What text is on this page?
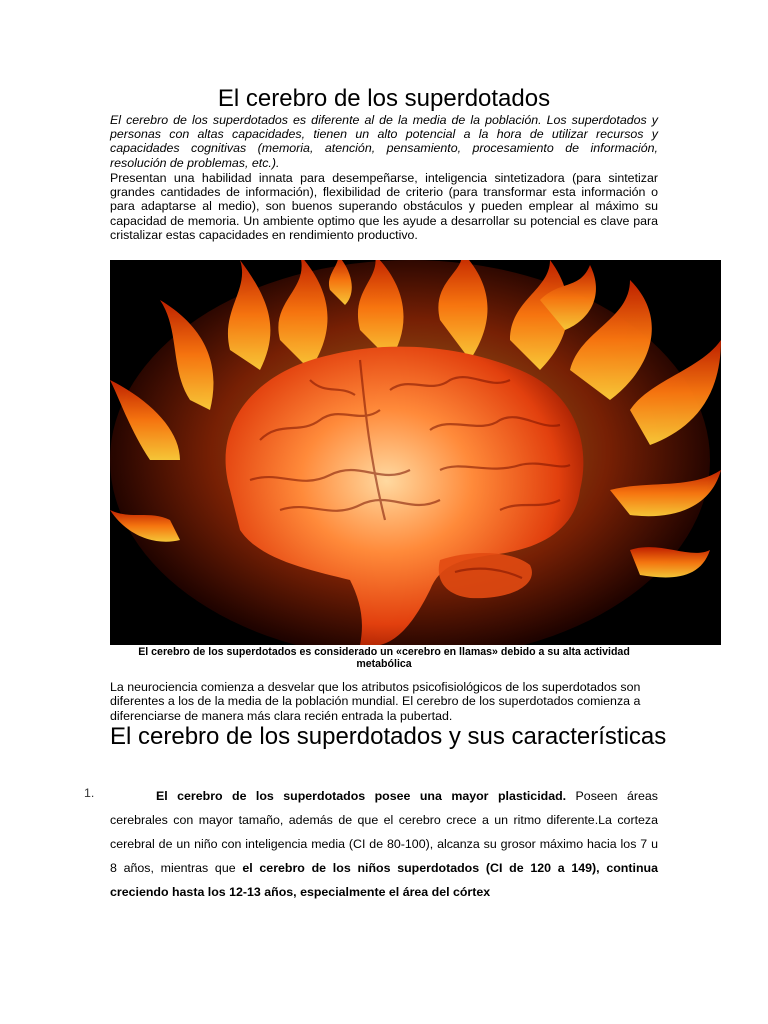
El cerebro de los superdotados

El cerebro de los superdotados es diferente al de la media de la población. Los superdotados y personas con altas capacidades, tienen un alto potencial a la hora de utilizar recursos y capacidades cognitivas (memoria, atención, pensamiento, procesamiento de información, resolución de problemas, etc.).

Presentan una habilidad innata para desempeñarse, inteligencia sintetizadora (para sintetizar grandes cantidades de información), flexibilidad de criterio (para transformar esta información o para adaptarse al medio), son buenos superando obstáculos y pueden emplear al máximo su capacidad de memoria. Un ambiente optimo que les ayude a desarrollar su potencial es clave para cristalizar estas capacidades en rendimiento productivo.

El cerebro de los superdotados es considerado un «cerebro en llamas» debido a su alta actividad metabólica

La neurociencia comienza a desvelar que los atributos psicofisiológicos de los superdotados son diferentes a los de la media de la población mundial. El cerebro de los superdotados comienza a diferenciarse de manera más clara recién entrada la pubertad.

El cerebro de los superdotados y sus características
1.	El cerebro de los superdotados posee una mayor plasticidad. Poseen áreas cerebrales con mayor tamaño, además de que el cerebro crece a un ritmo diferente.La corteza cerebral de un niño con inteligencia media (CI de 80-100), alcanza su grosor máximo hacia los 7 u 8 años, mientras que el cerebro de los niños superdotados (CI de 120 a 149), continua creciendo hasta los 12-13 años, especialmente el área del córtex
